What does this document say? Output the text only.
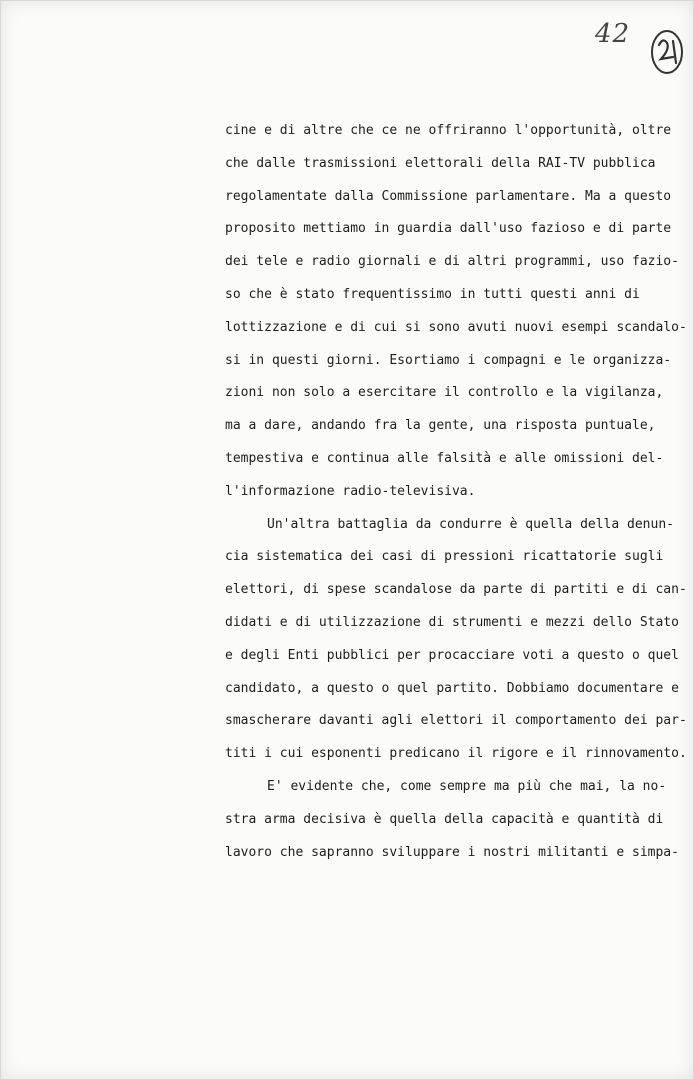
42
cine e di altre che ce ne offriranno l'opportunità, oltre
che dalle trasmissioni elettorali della RAI-TV pubblica
regolamentate dalla Commissione parlamentare. Ma a questo
proposito mettiamo in guardia dall'uso fazioso e di parte
dei tele e radio giornali e di altri programmi, uso fazio-
so che è stato frequentissimo in tutti questi anni di
lottizzazione e di cui si sono avuti nuovi esempi scandalo-
si in questi giorni. Esortiamo i compagni e le organizza-
zioni non solo a esercitare il controllo e la vigilanza,
ma a dare, andando fra la gente, una risposta puntuale,
tempestiva e continua alle falsità e alle omissioni del-
l'informazione radio-televisiva.
Un'altra battaglia da condurre è quella della denun-
cia sistematica dei casi di pressioni ricattatorie sugli
elettori, di spese scandalose da parte di partiti e di can-
didati e di utilizzazione di strumenti e mezzi dello Stato
e degli Enti pubblici per procacciare voti a questo o quel
candidato, a questo o quel partito. Dobbiamo documentare e
smascherare davanti agli elettori il comportamento dei par-
titi i cui esponenti predicano il rigore e il rinnovamento.
E' evidente che, come sempre ma più che mai, la no-
stra arma decisiva è quella della capacità e quantità di
lavoro che sapranno sviluppare i nostri militanti e simpa-
